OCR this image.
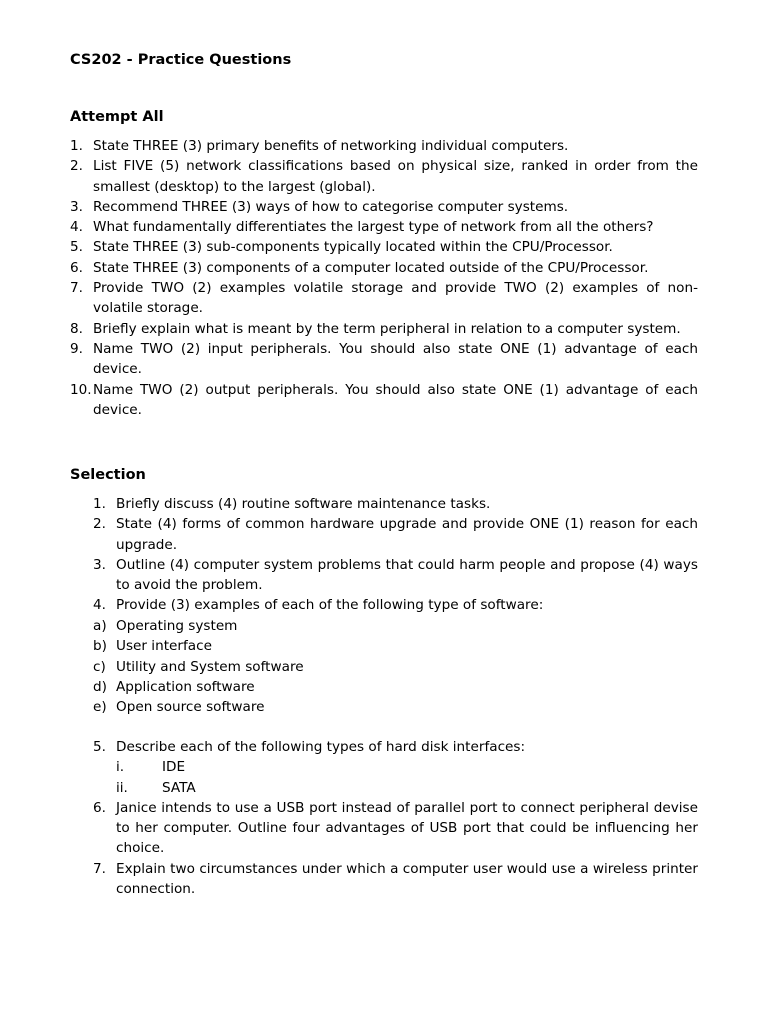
CS202 - Practice Questions
Attempt All
1. State THREE (3) primary benefits of networking individual computers.
2. List FIVE (5) network classifications based on physical size, ranked in order from the smallest (desktop) to the largest (global).
3. Recommend THREE (3) ways of how to categorise computer systems.
4. What fundamentally differentiates the largest type of network from all the others?
5. State THREE (3) sub-components typically located within the CPU/Processor.
6. State THREE (3) components of a computer located outside of the CPU/Processor.
7. Provide TWO (2) examples volatile storage and provide TWO (2) examples of non-volatile storage.
8. Briefly explain what is meant by the term peripheral in relation to a computer system.
9. Name TWO (2) input peripherals. You should also state ONE (1) advantage of each device.
10. Name TWO (2) output peripherals. You should also state ONE (1) advantage of each device.
Selection
1. Briefly discuss (4) routine software maintenance tasks.
2. State (4) forms of common hardware upgrade and provide ONE (1) reason for each upgrade.
3. Outline (4) computer system problems that could harm people and propose (4) ways to avoid the problem.
4. Provide (3) examples of each of the following type of software:
a) Operating system
b) User interface
c) Utility and System software
d) Application software
e) Open source software
5. Describe each of the following types of hard disk interfaces:
i.	IDE
ii.	SATA
6. Janice intends to use a USB port instead of parallel port to connect peripheral devise to her computer. Outline four advantages of USB port that could be influencing her choice.
7. Explain two circumstances under which a computer user would use a wireless printer connection.
